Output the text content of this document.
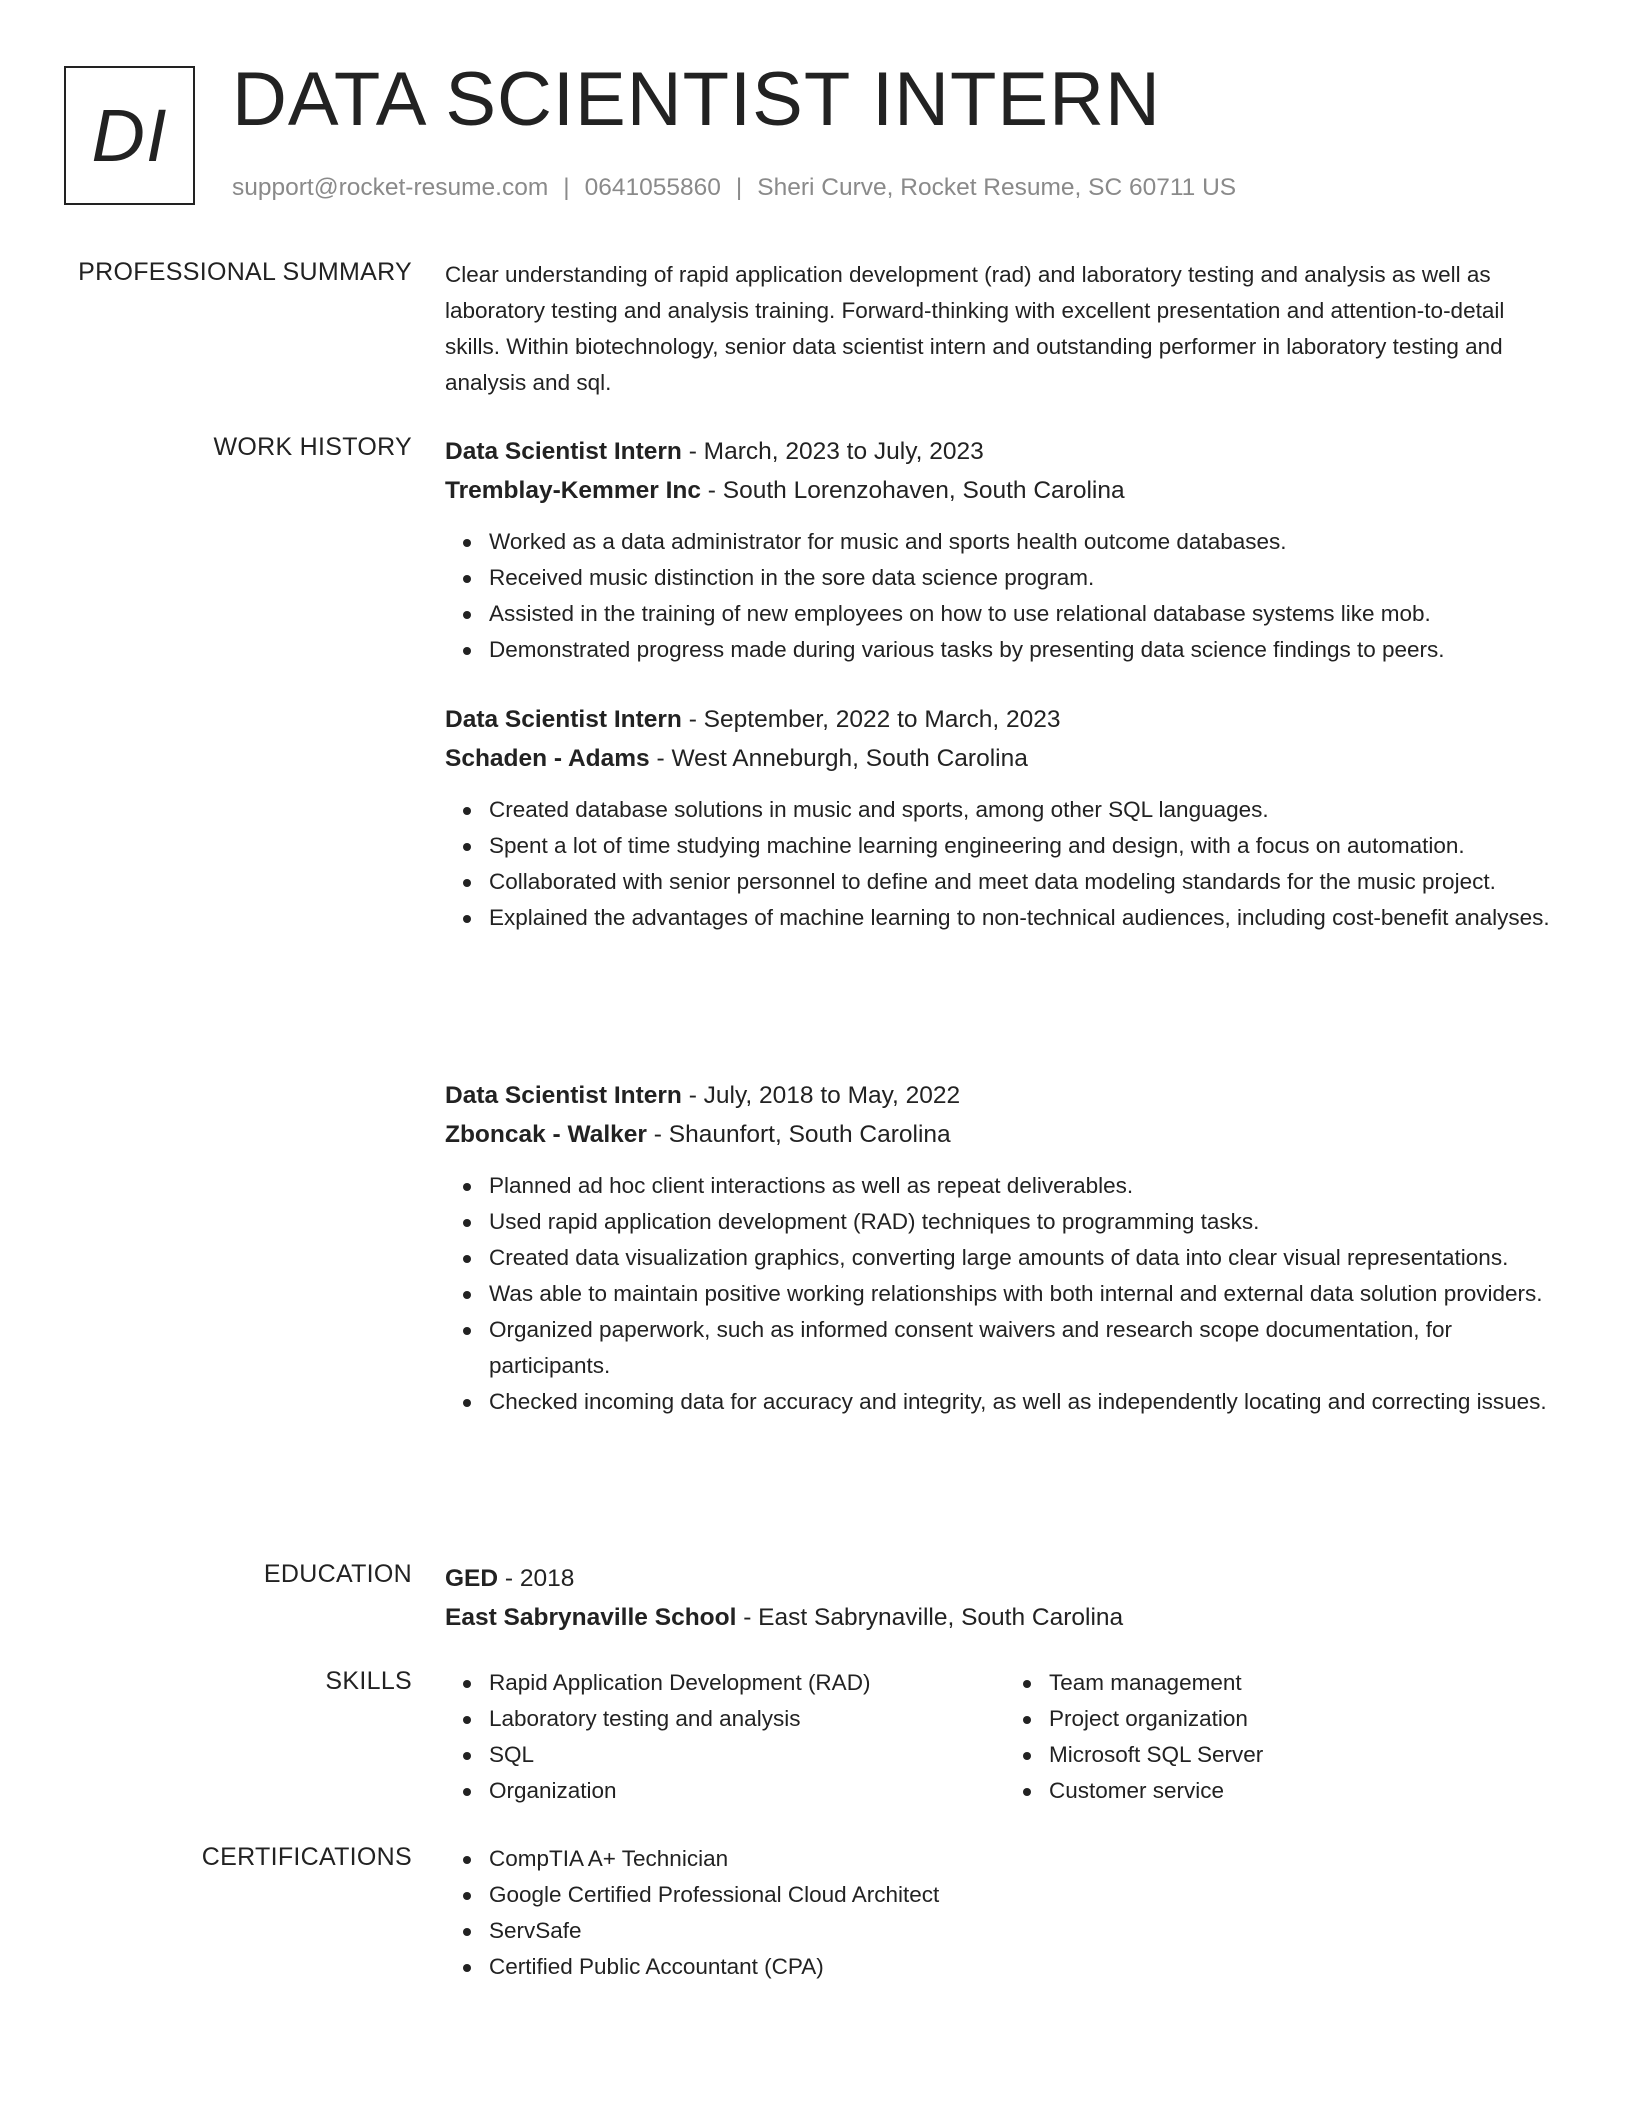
DI DATA SCIENTIST INTERN
support@rocket-resume.com | 0641055860 | Sheri Curve, Rocket Resume, SC 60711 US
PROFESSIONAL SUMMARY Clear understanding of rapid application development (rad) and laboratory testing and analysis as well as laboratory testing and analysis training. Forward-thinking with excellent presentation and attention-to-detail skills. Within biotechnology, senior data scientist intern and outstanding performer in laboratory testing and analysis and sql.

WORK HISTORY Data Scientist Intern - March, 2023 to July, 2023

Tremblay-Kemmer Inc - South Lorenzohaven, South Carolina

Worked as a data administrator for music and sports health outcome databases.
Received music distinction in the sore data science program.
Assisted in the training of new employees on how to use relational database systems like mob.
Demonstrated progress made during various tasks by presenting data science findings to peers.

Data Scientist Intern - September, 2022 to March, 2023

Schaden - Adams - West Anneburgh, South Carolina

Created database solutions in music and sports, among other SQL languages.
Spent a lot of time studying machine learning engineering and design, with a focus on automation.
Collaborated with senior personnel to define and meet data modeling standards for the music project.
Explained the advantages of machine learning to non-technical audiences, including cost-benefit analyses.

Data Scientist Intern - July, 2018 to May, 2022

Zboncak - Walker - Shaunfort, South Carolina

Planned ad hoc client interactions as well as repeat deliverables.
Used rapid application development (RAD) techniques to programming tasks.
Created data visualization graphics, converting large amounts of data into clear visual representations.
Was able to maintain positive working relationships with both internal and external data solution providers.
Organized paperwork, such as informed consent waivers and research scope documentation, for participants.
Checked incoming data for accuracy and integrity, as well as independently locating and correcting issues.
EDUCATION GED - 2018

East Sabrynaville School - East Sabrynaville, South Carolina

SKILLS	Rapid Application Development (RAD)
Laboratory testing and analysis
SQL
Organization
Team management
Project organization
Microsoft SQL Server
Customer service
CERTIFICATIONS	CompTIA A+ Technician
Google Certified Professional Cloud Architect
ServSafe
Certified Public Accountant (CPA)
